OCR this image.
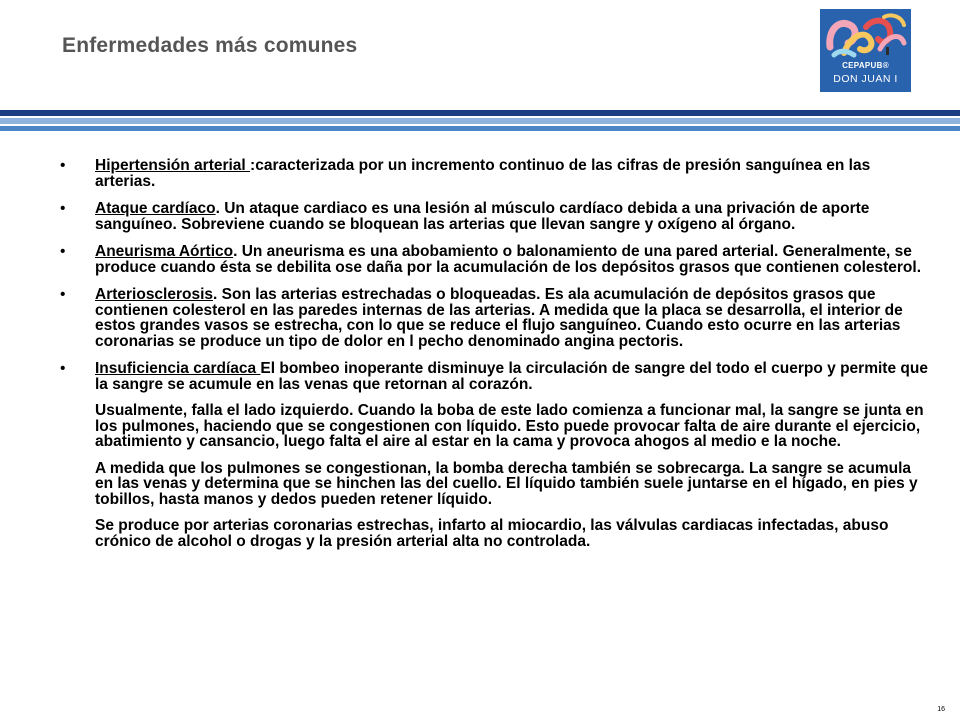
Enfermedades más comunes
CEPAPUB®
DON JUAN I
• Hipertensión arterial :caracterizada por un incremento continuo de las cifras de presión sanguínea en las arterias.
• Ataque cardíaco. Un ataque cardiaco es una lesión al músculo cardíaco debida a una privación de aporte sanguíneo. Sobreviene cuando se bloquean las arterias que llevan sangre y oxígeno al órgano.
• Aneurisma Aórtico. Un aneurisma es una abobamiento o balonamiento de una pared arterial. Generalmente, se produce cuando ésta se debilita ose daña por la acumulación de los depósitos grasos que contienen colesterol.
• Arteriosclerosis. Son las arterias estrechadas o bloqueadas. Es ala acumulación de depósitos grasos que contienen colesterol en las paredes internas de las arterias. A medida que la placa se desarrolla, el interior de estos grandes vasos se estrecha, con lo que se reduce el flujo sanguíneo. Cuando esto ocurre en las arterias coronarias se produce un tipo de dolor en l pecho denominado angina pectoris.
• Insuficiencia cardíaca El bombeo inoperante disminuye la circulación de sangre del todo el cuerpo y permite que la sangre se acumule en las venas que retornan al corazón.
Usualmente, falla el lado izquierdo. Cuando la boba de este lado comienza a funcionar mal, la sangre se junta en los pulmones, haciendo que se congestionen con líquido. Esto puede provocar falta de aire durante el ejercicio, abatimiento y cansancio, luego falta el aire al estar en la cama y provoca ahogos al medio e la noche.
A medida que los pulmones se congestionan, la bomba derecha también se sobrecarga. La sangre se acumula en las venas y determina que se hinchen las del cuello. El líquido también suele juntarse en el hígado, en pies y tobillos, hasta manos y dedos pueden retener líquido.
Se produce por arterias coronarias estrechas, infarto al miocardio, las válvulas cardiacas infectadas, abuso crónico de alcohol o drogas y la presión arterial alta no controlada.
16
